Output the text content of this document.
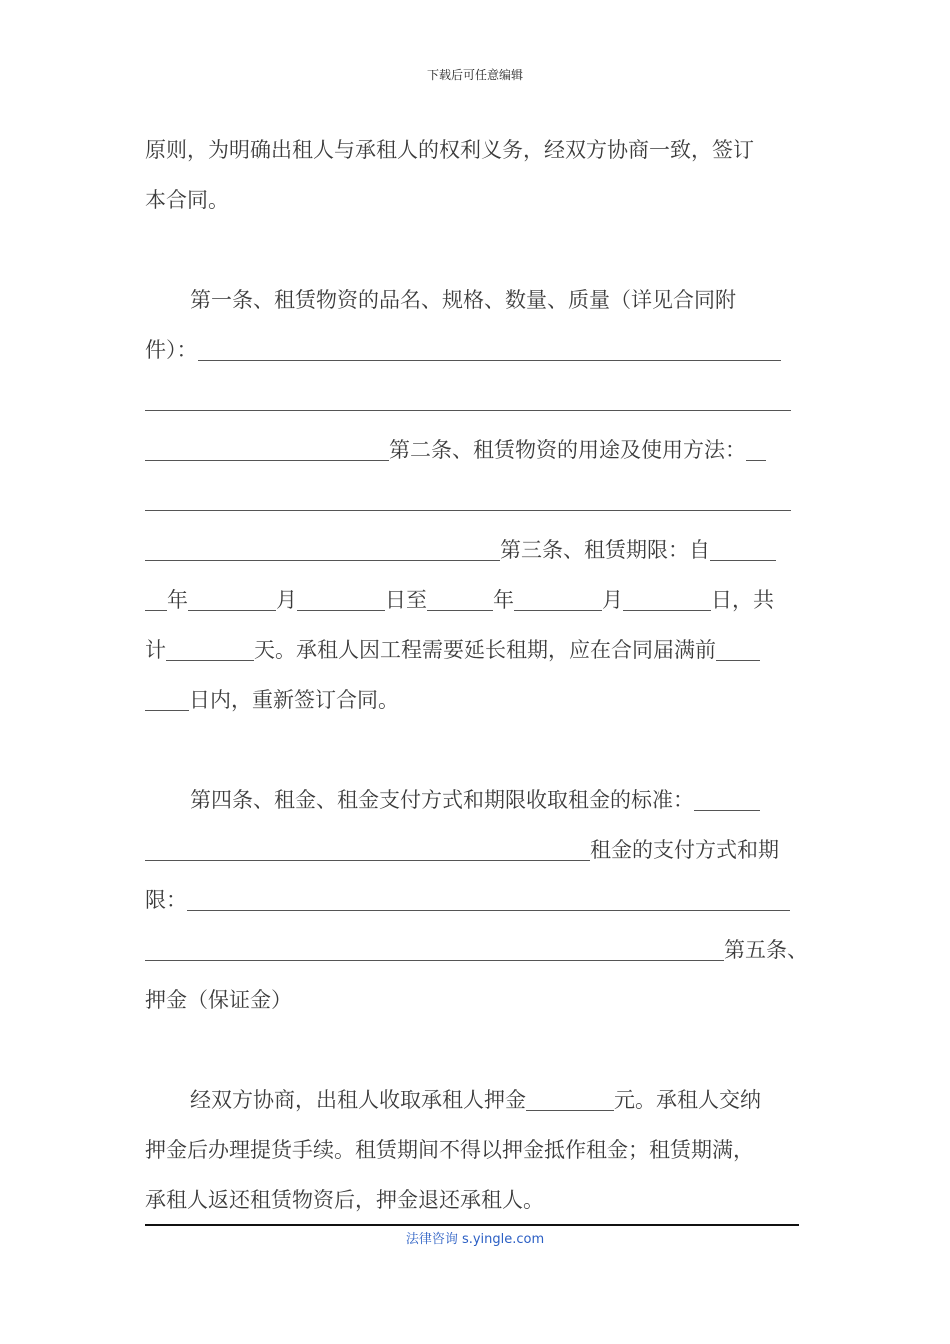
下载后可任意编辑
原则，为明确出租人与承租人的权利义务，经双方协商一致，签订
本合同。
第一条、租赁物资的品名、规格、数量、质量（详见合同附
件）：
第二条、租赁物资的用途及使用方法：
第三条、租赁期限：自
年	月	日至	年	月	日，共
计	天。承租人因工程需要延长租期，应在合同届满前
日内，重新签订合同。
第四条、租金、租金支付方式和期限收取租金的标准：
租金的支付方式和期
限：
第五条、
押金（保证金）
经双方协商，出租人收取承租人押金	元。承租人交纳
押金后办理提货手续。租赁期间不得以押金抵作租金；租赁期满，
承租人返还租赁物资后，押金退还承租人。
法律咨询 s.yingle.com
